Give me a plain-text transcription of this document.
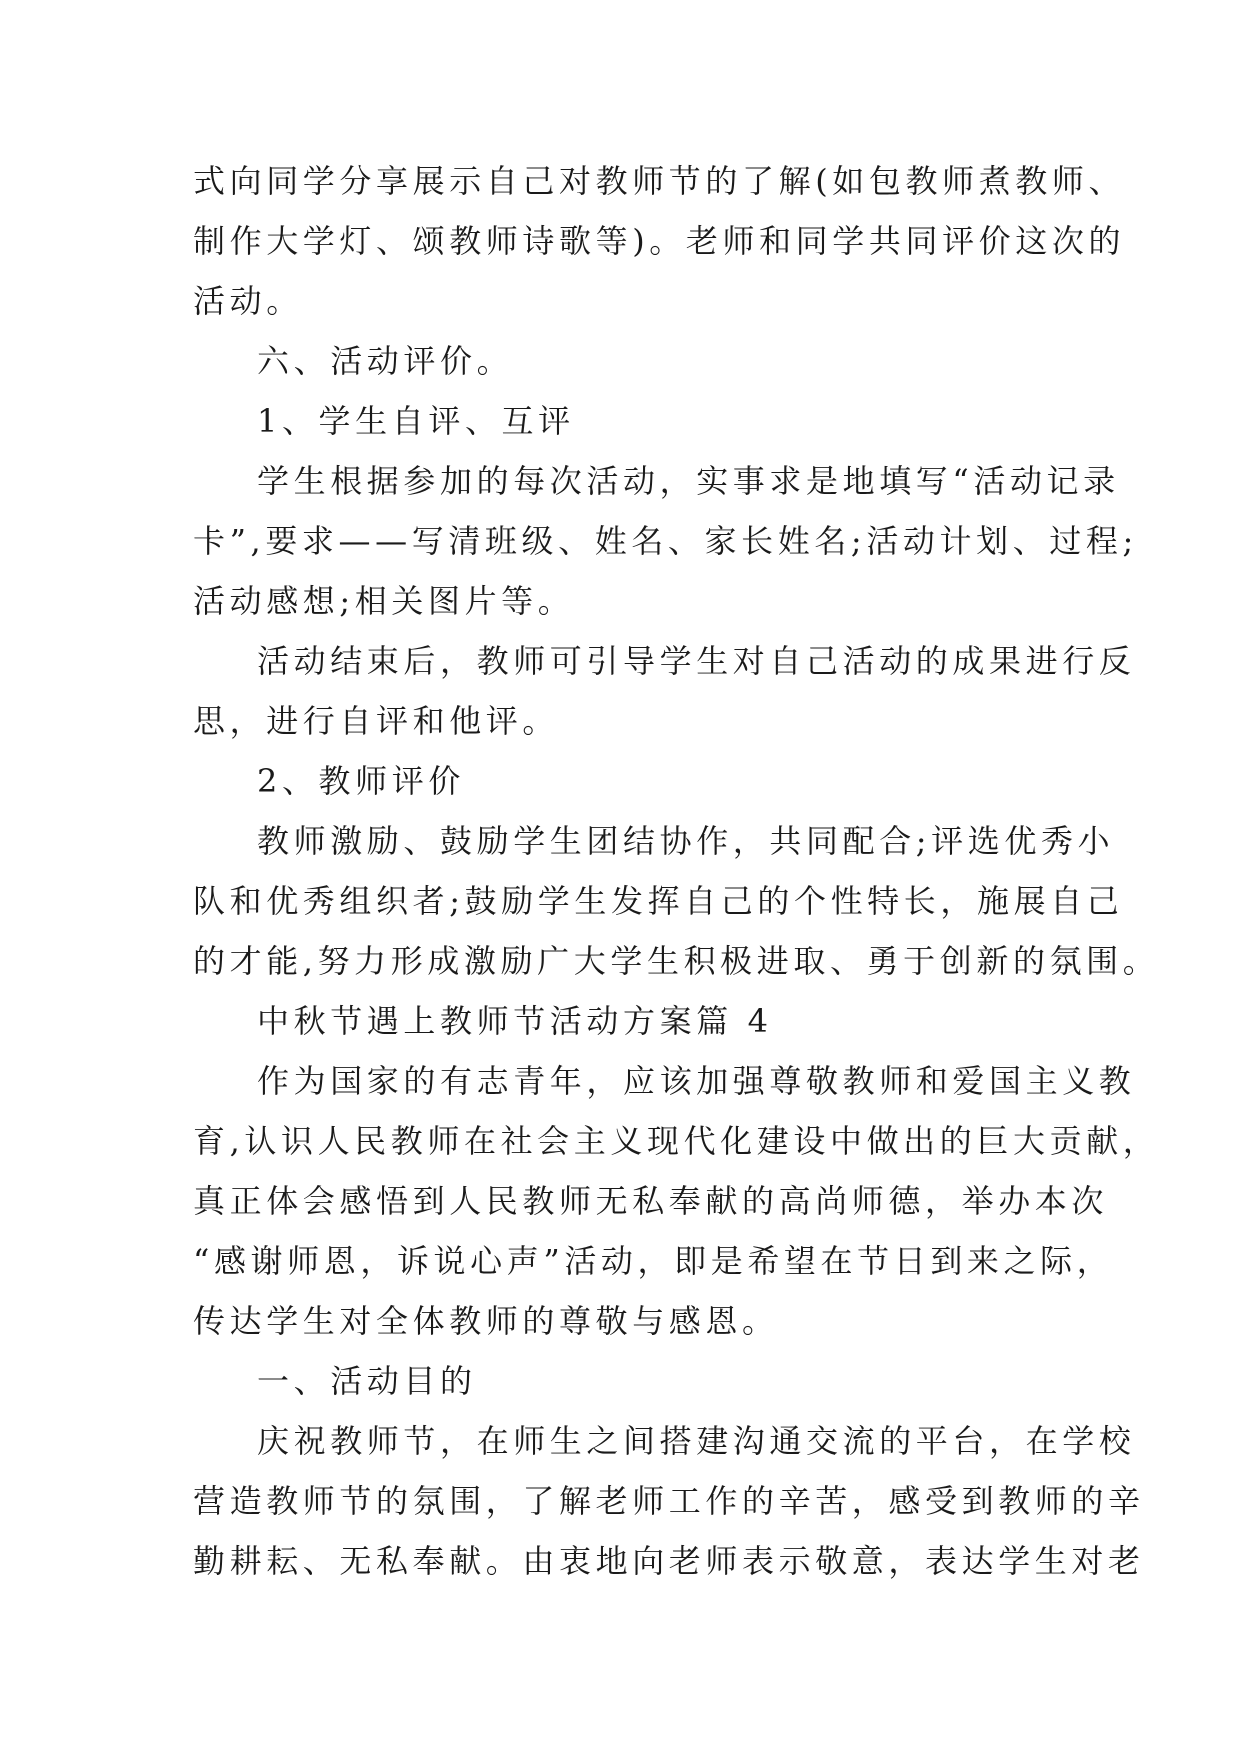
式向同学分享展示自己对教师节的了解(如包教师煮教师、
制作大学灯、颂教师诗歌等)。老师和同学共同评价这次的
活动。
六、活动评价。
1、学生自评、互评
学生根据参加的每次活动，实事求是地填写“活动记录
卡”,要求——写清班级、姓名、家长姓名;活动计划、过程;
活动感想;相关图片等。
活动结束后，教师可引导学生对自己活动的成果进行反
思，进行自评和他评。
2、教师评价
教师激励、鼓励学生团结协作，共同配合;评选优秀小
队和优秀组织者;鼓励学生发挥自己的个性特长，施展自己
的才能,努力形成激励广大学生积极进取、勇于创新的氛围。
中秋节遇上教师节活动方案篇 4
作为国家的有志青年，应该加强尊敬教师和爱国主义教
育,认识人民教师在社会主义现代化建设中做出的巨大贡献，
真正体会感悟到人民教师无私奉献的高尚师德，举办本次
“感谢师恩，诉说心声”活动，即是希望在节日到来之际，
传达学生对全体教师的尊敬与感恩。
一、活动目的
庆祝教师节，在师生之间搭建沟通交流的平台，在学校
营造教师节的氛围，了解老师工作的辛苦，感受到教师的辛
勤耕耘、无私奉献。由衷地向老师表示敬意，表达学生对老
